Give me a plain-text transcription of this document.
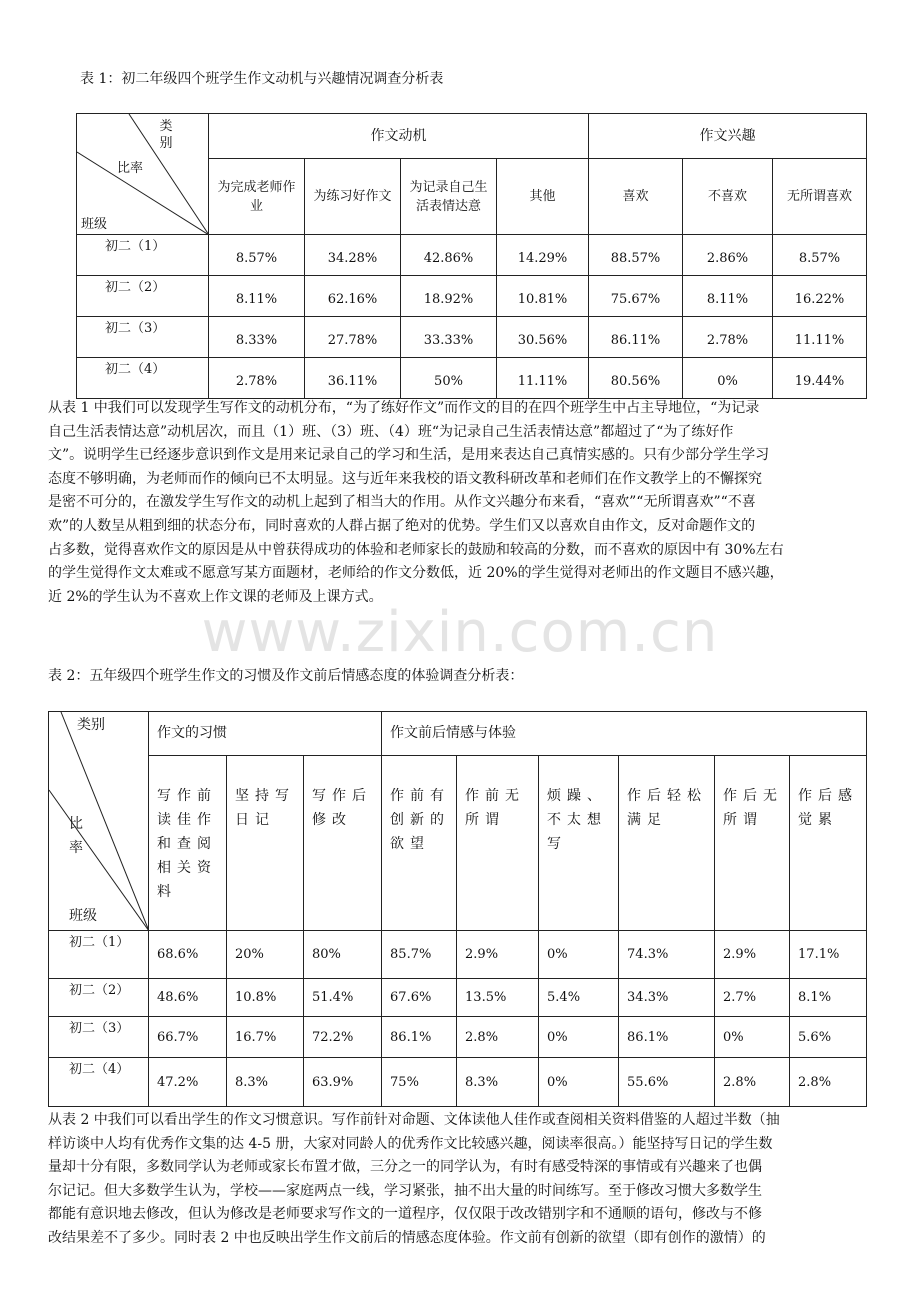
表 1：初二年级四个班学生作文动机与兴趣情况调查分析表
类别
比率
班级	作文动机				作文兴趣		
	为完成老师作业	为练习好作文	为记录自己生活表情达意	其他	喜欢	不喜欢	无所谓喜欢
初二（1）	8.57%	34.28%	42.86%	14.29%	88.57%	2.86%	8.57%
初二（2）	8.11%	62.16%	18.92%	10.81%	75.67%	8.11%	16.22%
初二（3）	8.33%	27.78%	33.33%	30.56%	86.11%	2.78%	11.11%
初二（4）	2.78%	36.11%	50%	11.11%	80.56%	0%	19.44%
从表 1 中我们可以发现学生写作文的动机分布，“为了练好作文”而作文的目的在四个班学生中占主导地位，“为记录
自己生活表情达意”动机居次，而且（1）班、（3）班、（4）班“为记录自己生活表情达意”都超过了“为了练好作
文”。说明学生已经逐步意识到作文是用来记录自己的学习和生活，是用来表达自己真情实感的。只有少部分学生学习
态度不够明确，为老师而作的倾向已不太明显。这与近年来我校的语文教科研改革和老师们在作文教学上的不懈探究
是密不可分的，在激发学生写作文的动机上起到了相当大的作用。从作文兴趣分布来看，“喜欢”“无所谓喜欢”“不喜
欢”的人数呈从粗到细的状态分布，同时喜欢的人群占据了绝对的优势。学生们又以喜欢自由作文，反对命题作文的
占多数，觉得喜欢作文的原因是从中曾获得成功的体验和老师家长的鼓励和较高的分数，而不喜欢的原因中有 30%左右
的学生觉得作文太难或不愿意写某方面题材，老师给的作文分数低，近 20%的学生觉得对老师出的作文题目不感兴趣，
近 2%的学生认为不喜欢上作文课的老师及上课方式。
www.zixin.com.cn
表 2：五年级四个班学生作文的习惯及作文前后情感态度的体验调查分析表：
类别
比率
班级	作文的习惯			作文前后情感与体验					
	写作前读佳作和查阅相关资料	坚持写日记	写作后修改	作前有创新的欲望	作前无所谓	烦躁、不太想写	作后轻松满足	作后无所谓	作后感觉累
初二（1）	68.6%	20%	80%	85.7%	2.9%	0%	74.3%	2.9%	17.1%
初二（2）	48.6%	10.8%	51.4%	67.6%	13.5%	5.4%	34.3%	2.7%	8.1%
初二（3）	66.7%	16.7%	72.2%	86.1%	2.8%	0%	86.1%	0%	5.6%
初二（4）	47.2%	8.3%	63.9%	75%	8.3%	0%	55.6%	2.8%	2.8%
从表 2 中我们可以看出学生的作文习惯意识。写作前针对命题、文体读他人佳作或查阅相关资料借鉴的人超过半数（抽
样访谈中人均有优秀作文集的达 4-5 册，大家对同龄人的优秀作文比较感兴趣，阅读率很高。）能坚持写日记的学生数
量却十分有限，多数同学认为老师或家长布置才做，三分之一的同学认为，有时有感受特深的事情或有兴趣来了也偶
尔记记。但大多数学生认为，学校——家庭两点一线，学习紧张，抽不出大量的时间练写。至于修改习惯大多数学生
都能有意识地去修改，但认为修改是老师要求写作文的一道程序，仅仅限于改改错别字和不通顺的语句，修改与不修
改结果差不了多少。同时表 2 中也反映出学生作文前后的情感态度体验。作文前有创新的欲望（即有创作的激情）的
